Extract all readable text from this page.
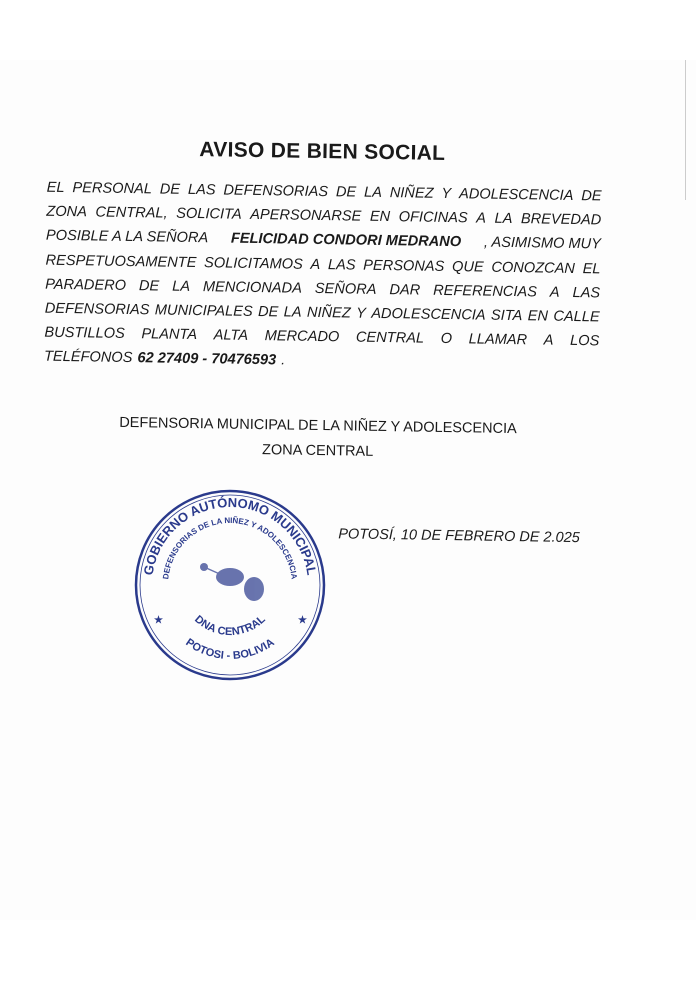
AVISO DE BIEN SOCIAL
EL PERSONAL DE LAS DEFENSORIAS DE LA NIÑEZ Y ADOLESCENCIA DE
ZONA CENTRAL, SOLICITA APERSONARSE EN OFICINAS A LA BREVEDAD
POSIBLE A LA SEÑORA FELICIDAD CONDORI MEDRANO , ASIMISMO MUY
RESPETUOSAMENTE SOLICITAMOS A LAS PERSONAS QUE CONOZCAN EL
PARADERO DE LA MENCIONADA SEÑORA DAR REFERENCIAS A LAS
DEFENSORIAS MUNICIPALES DE LA NIÑEZ Y ADOLESCENCIA SITA EN CALLE
BUSTILLOS PLANTA ALTA MERCADO CENTRAL O LLAMAR A LOS
TELÉFONOS 62 27409 - 70476593 .
DEFENSORIA MUNICIPAL DE LA NIÑEZ Y ADOLESCENCIA
ZONA CENTRAL
POTOSÍ, 10 DE FEBRERO DE 2.025
GOBIERNO AUTÓNOMO MUNICIPAL
DEFENSORIAS DE LA NIÑEZ Y ADOLESCENCIA
DNA CENTRAL
POTOSI - BOLIVIA
★	★
